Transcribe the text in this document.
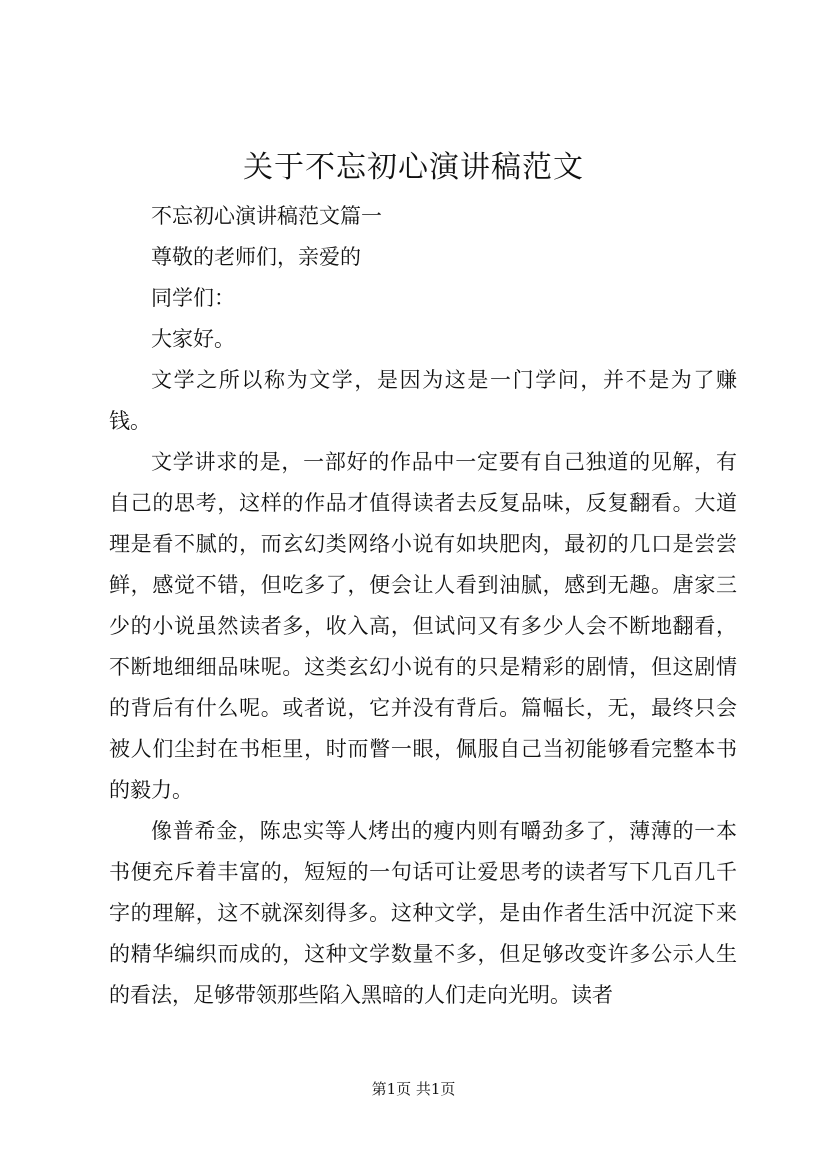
关于不忘初心演讲稿范文

不忘初心演讲稿范文篇一

尊敬的老师们，亲爱的

同学们：

大家好。

文学之所以称为文学，是因为这是一门学问，并不是为了赚钱。

文学讲求的是，一部好的作品中一定要有自己独道的见解，有自己的思考，这样的作品才值得读者去反复品味，反复翻看。大道理是看不腻的，而玄幻类网络小说有如块肥肉，最初的几口是尝尝鲜，感觉不错，但吃多了，便会让人看到油腻，感到无趣。唐家三少的小说虽然读者多，收入高，但试问又有多少人会不断地翻看，不断地细细品味呢。这类玄幻小说有的只是精彩的剧情，但这剧情的背后有什么呢。或者说，它并没有背后。篇幅长，无，最终只会被人们尘封在书柜里，时而瞥一眼，佩服自己当初能够看完整本书的毅力。

像普希金，陈忠实等人烤出的瘦内则有嚼劲多了，薄薄的一本书便充斥着丰富的，短短的一句话可让爱思考的读者写下几百几千字的理解，这不就深刻得多。这种文学，是由作者生活中沉淀下来的精华编织而成的，这种文学数量不多，但足够改变许多公示人生的看法，足够带领那些陷入黑暗的人们走向光明。读者

第1页 共1页
